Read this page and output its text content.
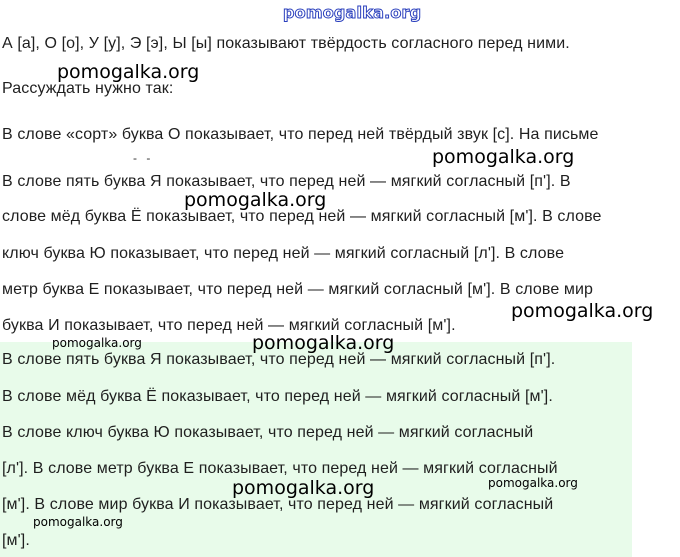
pomogalka.org
А [а], О [о], У [у], Э [э], Ы [ы] показывают твёрдость согласного перед ними.
Рассуждать нужно так:
В слове «сорт» буква О показывает, что перед ней твёрдый звук [с]. На письме
- -
В слове пять буква Я показывает, что перед ней — мягкий согласный [п']. В
слове мёд буква Ё показывает, что перед ней — мягкий согласный [м']. В слове
ключ буква Ю показывает, что перед ней — мягкий согласный [л']. В слове
метр буква Е показывает, что перед ней — мягкий согласный [м']. В слове мир
буква И показывает, что перед ней — мягкий согласный [м'].
В слове пять буква Я показывает, что перед ней — мягкий согласный [п'].
В слове мёд буква Ё показывает, что перед ней — мягкий согласный [м'].
В слове ключ буква Ю показывает, что перед ней — мягкий согласный
[л']. В слове метр буква Е показывает, что перед ней — мягкий согласный
[м']. В слове мир буква И показывает, что перед ней — мягкий согласный
[м'].
pomogalka.org
pomogalka.org
pomogalka.org
pomogalka.org
pomogalka.org	pomogalka.org
pomogalka.org	pomogalka.org
pomogalka.org
